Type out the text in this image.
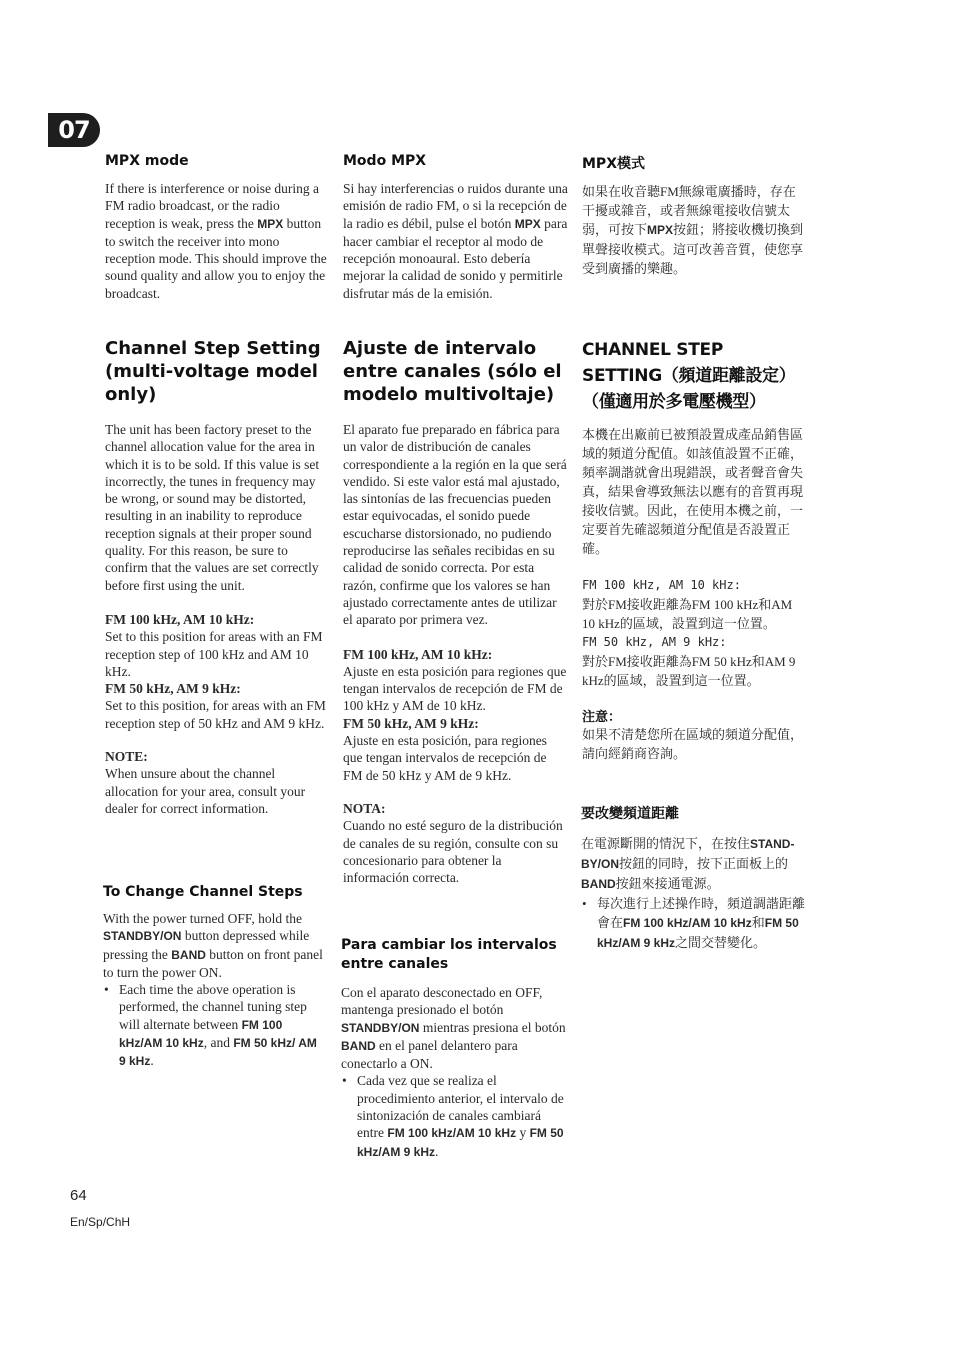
07
MPX mode

If there is interference or noise during a FM radio broadcast, or the radio reception is weak, press the MPX button to switch the receiver into mono reception mode. This should improve the sound quality and allow you to enjoy the broadcast.

Channel Step Setting (multi-voltage model only)

The unit has been factory preset to the channel allocation value for the area in which it is to be sold. If this value is set incorrectly, the tunes in frequency may be wrong, or sound may be distorted, resulting in an inability to reproduce reception signals at their proper sound quality. For this reason, be sure to confirm that the values are set correctly before first using the unit.

FM 100 kHz, AM 10 kHz:

Set to this position for areas with an FM reception step of 100 kHz and AM 10 kHz.

FM 50 kHz, AM 9 kHz:

Set to this position, for areas with an FM reception step of 50 kHz and AM 9 kHz.

NOTE:

When unsure about the channel allocation for your area, consult your dealer for correct information.

To Change Channel Steps

With the power turned OFF, hold the STANDBY/ON button depressed while pressing the BAND button on front panel to turn the power ON.

• Each time the above operation is performed, the channel tuning step will alternate between FM 100 kHz/AM 10 kHz, and FM 50 kHz/ AM 9 kHz.

Modo MPX

Si hay interferencias o ruidos durante una emisión de radio FM, o si la recepción de la radio es débil, pulse el botón MPX para hacer cambiar el receptor al modo de recepción monoaural. Esto debería mejorar la calidad de sonido y permitirle disfrutar más de la emisión.

Ajuste de intervalo entre canales (sólo el modelo multivoltaje)

El aparato fue preparado en fábrica para un valor de distribución de canales correspondiente a la región en la que será vendido. Si este valor está mal ajustado, las sintonías de las frecuencias pueden estar equivocadas, el sonido puede escucharse distorsionado, no pudiendo reproducirse las señales recibidas en su calidad de sonido correcta. Por esta razón, confirme que los valores se han ajustado correctamente antes de utilizar el aparato por primera vez.

FM 100 kHz, AM 10 kHz:

Ajuste en esta posición para regiones que tengan intervalos de recepción de FM de 100 kHz y AM de 10 kHz.

FM 50 kHz, AM 9 kHz:

Ajuste en esta posición, para regiones que tengan intervalos de recepción de FM de 50 kHz y AM de 9 kHz.

NOTA:

Cuando no esté seguro de la distribución de canales de su región, consulte con su concesionario para obtener la información correcta.

Para cambiar los intervalos entre canales

Con el aparato desconectado en OFF, mantenga presionado el botón STANDBY/ON mientras presiona el botón BAND en el panel delantero para conectarlo a ON.

• Cada vez que se realiza el procedimiento anterior, el intervalo de sintonización de canales cambiará entre FM 100 kHz/AM 10 kHz y FM 50 kHz/AM 9 kHz.

MPX模式

如果在收音聽FM無線電廣播時，存在干擾或雜音，或者無線電接收信號太弱，可按下MPX按鈕；將接收機切換到單聲接收模式。這可改善音質，使您享受到廣播的樂趣。

CHANNEL STEP SETTING（頻道距離設定）（僅適用於多電壓機型）

本機在出廠前已被預設置成產品銷售區域的頻道分配值。如該值設置不正確，頻率調諧就會出現錯誤，或者聲音會失真，結果會導致無法以應有的音質再現接收信號。因此，在使用本機之前，一定要首先確認頻道分配值是否設置正確。

FM 100 kHz, AM 10 kHz:

對於FM接收距離為FM 100 kHz和AM 10 kHz的區域，設置到這一位置。

FM 50 kHz, AM 9 kHz:

對於FM接收距離為FM 50 kHz和AM 9 kHz的區域，設置到這一位置。

注意：

如果不清楚您所在區域的頻道分配值，請向經銷商咨詢。

要改變頻道距離

在電源斷開的情況下，在按住STAND-BY/ON按鈕的同時，按下正面板上的BAND按鈕來接通電源。

• 每次進行上述操作時，頻道調諧距離會在FM 100 kHz/AM 10 kHz和FM 50 kHz/AM 9 kHz之間交替變化。

64
En/Sp/ChH
